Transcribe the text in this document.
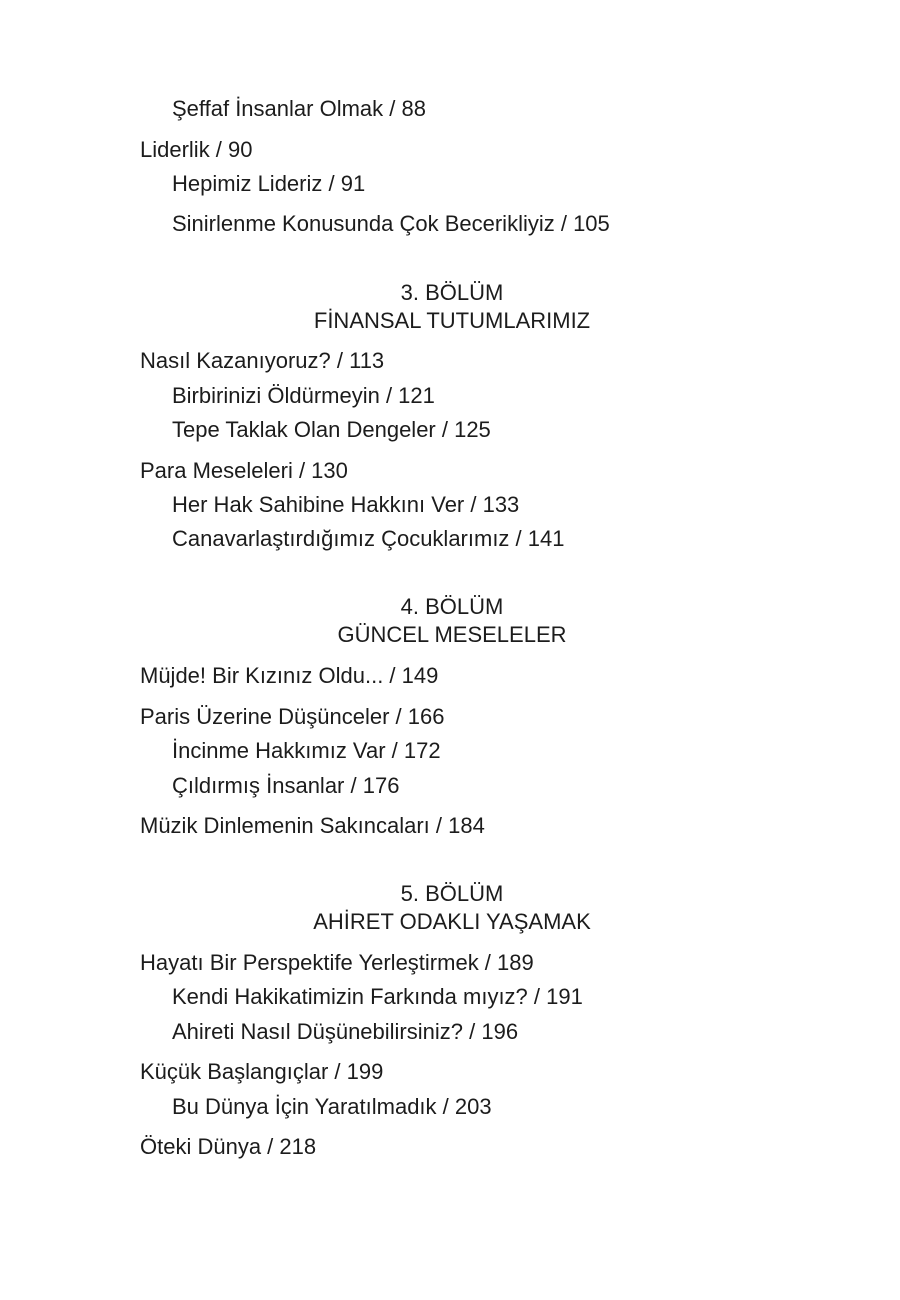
Şeffaf İnsanlar Olmak / 88
Liderlik / 90
Hepimiz Lideriz / 91
Sinirlenme Konusunda Çok Becerikliyiz / 105
3. BÖLÜM
FİNANSAL TUTUMLARIMIZ
Nasıl Kazanıyoruz? / 113
Birbirinizi Öldürmeyin / 121
Tepe Taklak Olan Dengeler / 125
Para Meseleleri / 130
Her Hak Sahibine Hakkını Ver / 133
Canavarlaştırdığımız Çocuklarımız / 141
4. BÖLÜM
GÜNCEL MESELELER
Müjde! Bir Kızınız Oldu... / 149
Paris Üzerine Düşünceler / 166
İncinme Hakkımız Var / 172
Çıldırmış İnsanlar / 176
Müzik Dinlemenin Sakıncaları / 184
5. BÖLÜM
AHİRET ODAKLI YAŞAMAK
Hayatı Bir Perspektife Yerleştirmek / 189
Kendi Hakikatimizin Farkında mıyız? / 191
Ahireti Nasıl Düşünebilirsiniz? / 196
Küçük Başlangıçlar / 199
Bu Dünya İçin Yaratılmadık / 203
Öteki Dünya / 218
